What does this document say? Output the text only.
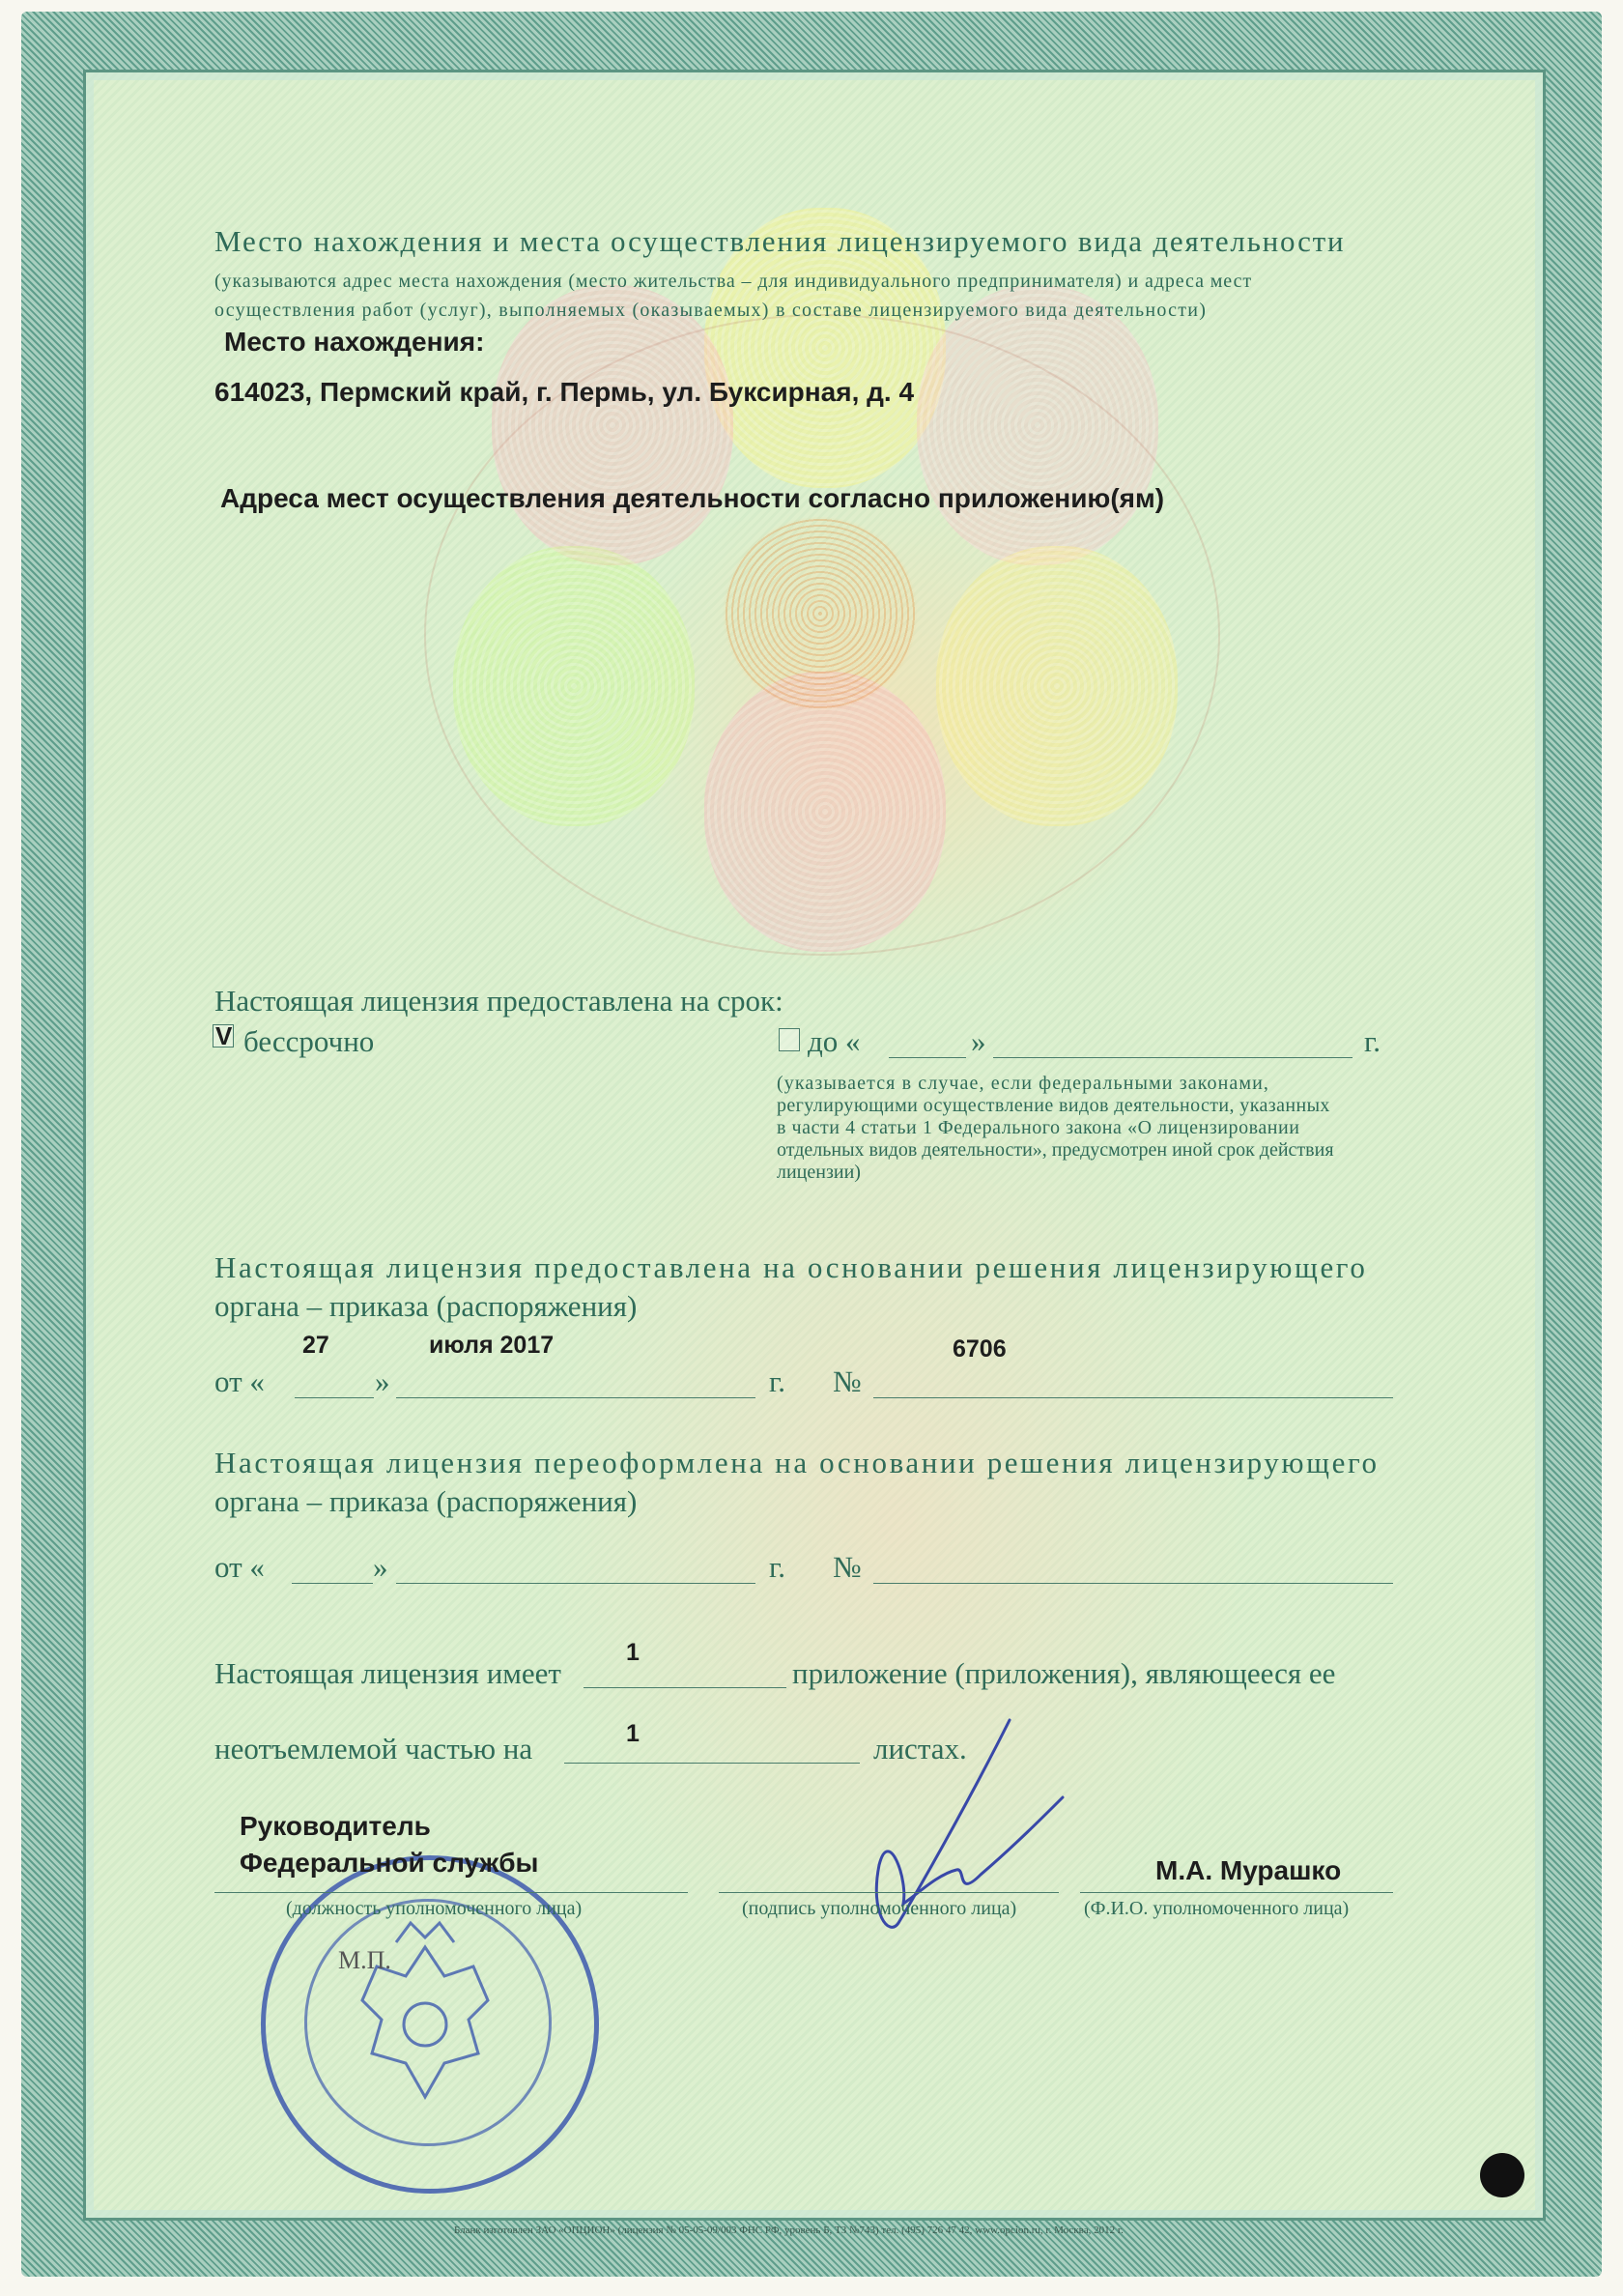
Место нахождения и места осуществления лицензируемого вида деятельности
(указываются адрес места нахождения (место жительства – для индивидуального предпринимателя) и адреса мест
осуществления работ (услуг), выполняемых (оказываемых) в составе лицензируемого вида деятельности)
Место нахождения:
614023, Пермский край, г. Пермь, ул. Буксирная, д. 4
Адреса мест осуществления деятельности согласно приложению(ям)
Настоящая лицензия предоставлена на срок:
V бессрочно	до «	»	г.
(указывается в случае, если федеральными законами,
регулирующими осуществление видов деятельности, указанных
в части 4 статьи 1 Федерального закона «О лицензировании
отдельных видов деятельности», предусмотрен иной срок действия
лицензии)
Настоящая лицензия предоставлена на основании решения лицензирующего
органа – приказа (распоряжения)
от «
27
»
июля 2017
г. №
6706
Настоящая лицензия переоформлена на основании решения лицензирующего
органа – приказа (распоряжения)
от «	»	г. №
Настоящая лицензия имеет
1
приложение (приложения), являющееся ее
неотъемлемой частью на	1	листах.
М.П.
Руководитель
Федеральной службы
(должность уполномоченного лица)	(подпись уполномоченного лица)
М.А. Мурашко
(Ф.И.О. уполномоченного лица)
Бланк изготовлен ЗАО «ОПЦИОН» (лицензия № 05-05-09/003 ФНС РФ, уровень Б, ТЗ №743) тел. (495) 726 47 42, www.opcion.ru, г. Москва, 2012 г.
